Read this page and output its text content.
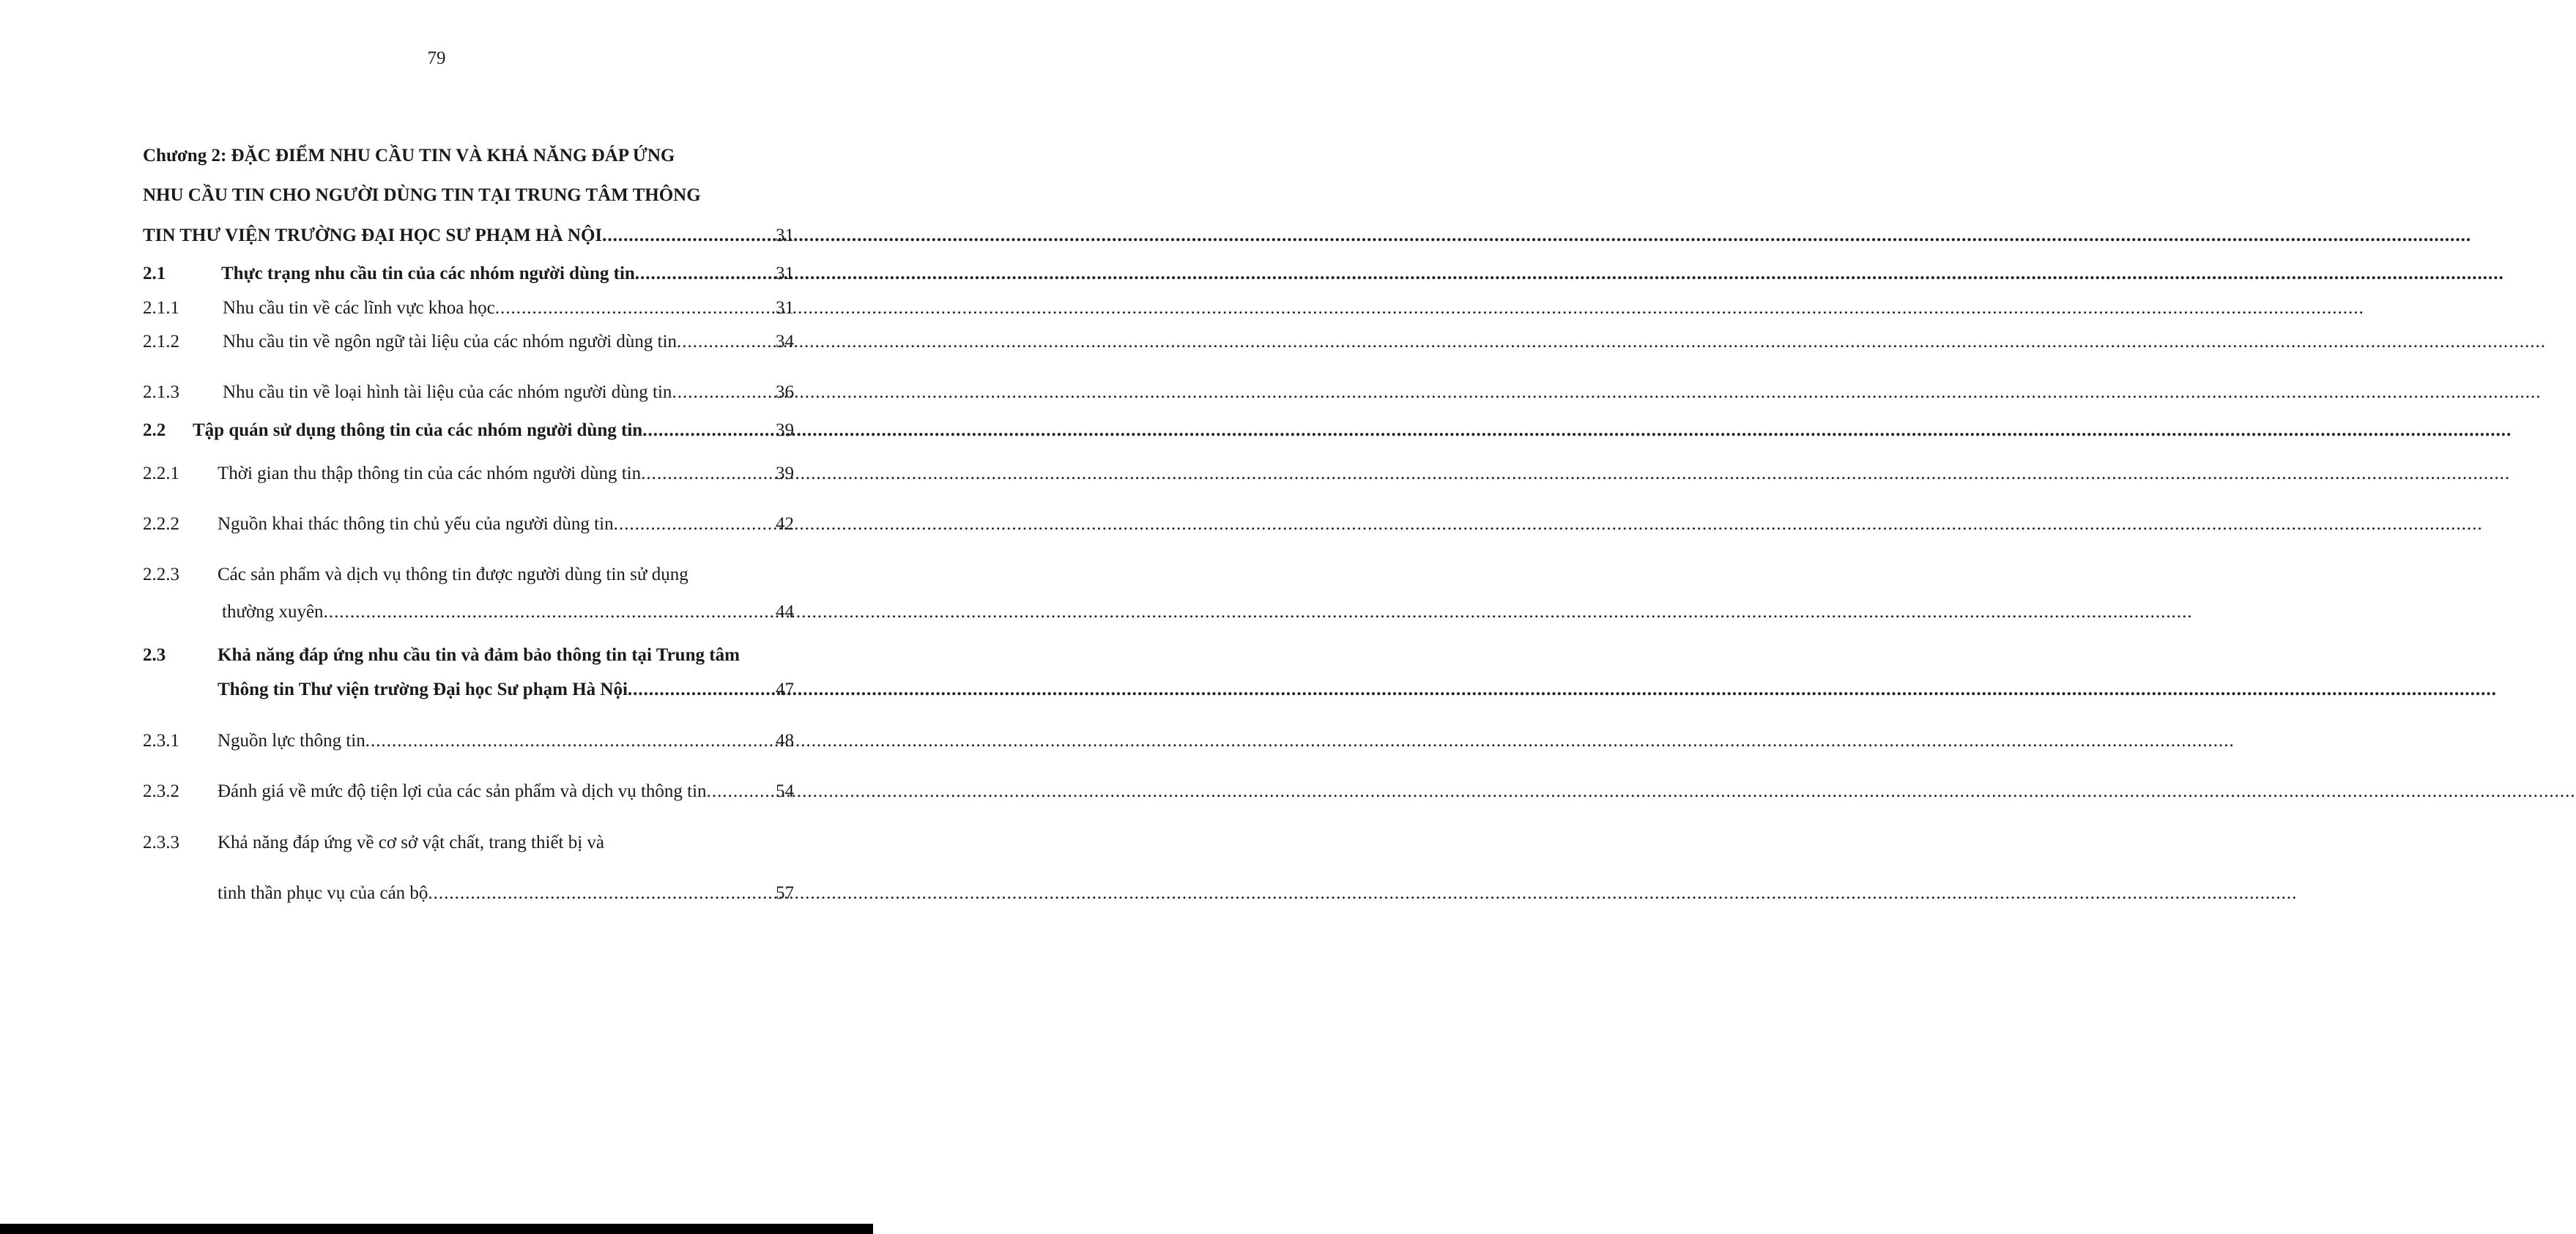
79
Chương 2: ĐẶC ĐIỂM NHU CẦU TIN VÀ KHẢ NĂNG ĐÁP ỨNG
NHU CẦU TIN CHO NGƯỜI DÙNG TIN TẠI TRUNG TÂM THÔNG
TIN THƯ VIỆN TRƯỜNG ĐẠI HỌC SƯ PHẠM HÀ NỘI .....	31
2.1	Thực trạng nhu cầu tin của các nhóm người dùng tin .....	31
2.1.1	Nhu cầu tin về các lĩnh vực khoa học .....	31
2.1.2	Nhu cầu tin về ngôn ngữ tài liệu của các nhóm người dùng tin .....	34
2.1.3	Nhu cầu tin về loại hình tài liệu của các nhóm người dùng tin .....	36
2.2	Tập quán sử dụng thông tin của các nhóm người dùng tin .....	39
2.2.1	Thời gian thu thập thông tin của các nhóm người dùng tin .....	39
2.2.2	Nguồn khai thác thông tin chủ yếu của người dùng tin .....	42
2.2.3	Các sản phẩm và dịch vụ thông tin được người dùng tin sử dụng
thường xuyên .....	44
2.3	Khả năng đáp ứng nhu cầu tin và đảm bảo thông tin tại Trung tâm
Thông tin Thư viện trường Đại học Sư phạm Hà Nội .....	47
2.3.1	Nguồn lực thông tin .....	48
2.3.2	Đánh giá về mức độ tiện lợi của các sản phẩm và dịch vụ thông tin .....	54
2.3.3	Khả năng đáp ứng về cơ sở vật chất, trang thiết bị và
tinh thần phục vụ của cán bộ .....	57
